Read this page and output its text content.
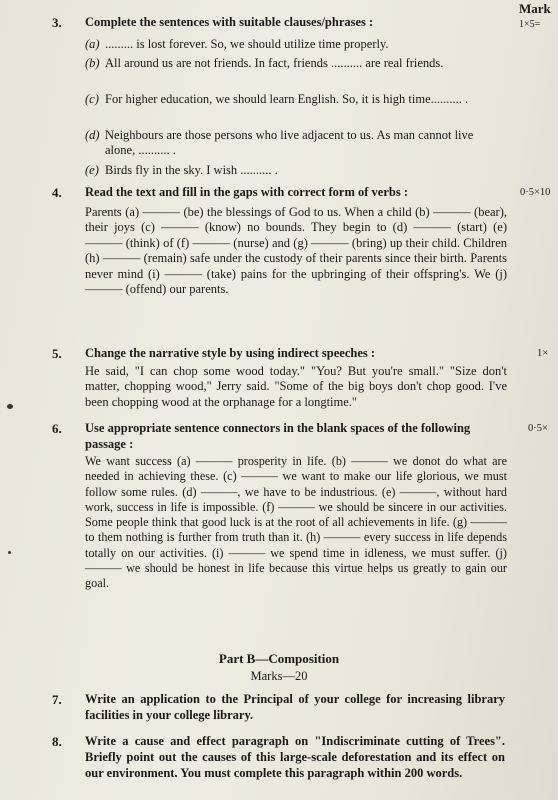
Mark
1×5=
3. Complete the sentences with suitable clauses/phrases :
(a) ......... is lost forever. So, we should utilize time properly.
(b) All around us are not friends. In fact, friends .......... are real friends.
(c) For higher education, we should learn English. So, it is high time.......... .
(d) Neighbours are those persons who live adjacent to us. As man cannot live alone, .......... .
(e) Birds fly in the sky. I wish .......... .
4. Read the text and fill in the gaps with correct form of verbs :	0·5×10
Parents (a) ——— (be) the blessings of God to us. When a child (b) ——— (bear), their joys (c) ——— (know) no bounds. They begin to (d) ——— (start) (e) ——— (think) of (f) ——— (nurse) and (g) ——— (bring) up their child. Children (h) ——— (remain) safe under the custody of their parents since their birth. Parents never mind (i) ——— (take) pains for the upbringing of their offspring's. We (j) ——— (offend) our parents.
5. Change the narrative style by using indirect speeches :	1×
He said, "I can chop some wood today." "You? But you're small." "Size don't matter, chopping wood," Jerry said. "Some of the big boys don't chop good. I've been chopping wood at the orphanage for a longtime."
6. Use appropriate sentence connectors in the blank spaces of the following passage :
0·5×
We want success (a) ——— prosperity in life. (b) ——— we donot do what are needed in achieving these. (c) ——— we want to make our life glorious, we must follow some rules. (d) ———, we have to be industrious. (e) ———, without hard work, success in life is impossible. (f) ——— we should be sincere in our activities. Some people think that good luck is at the root of all achievements in life. (g) ——— to them nothing is further from truth than it. (h) ——— every success in life depends totally on our activities. (i) ——— we spend time in idleness, we must suffer. (j) ——— we should be honest in life because this virtue helps us greatly to gain our goal.
Part B—Composition
Marks—20
7. Write an application to the Principal of your college for increasing library facilities in your college library.
8. Write a cause and effect paragraph on "Indiscriminate cutting of Trees". Briefly point out the causes of this large-scale deforestation and its effect on our environment. You must complete this paragraph within 200 words.
